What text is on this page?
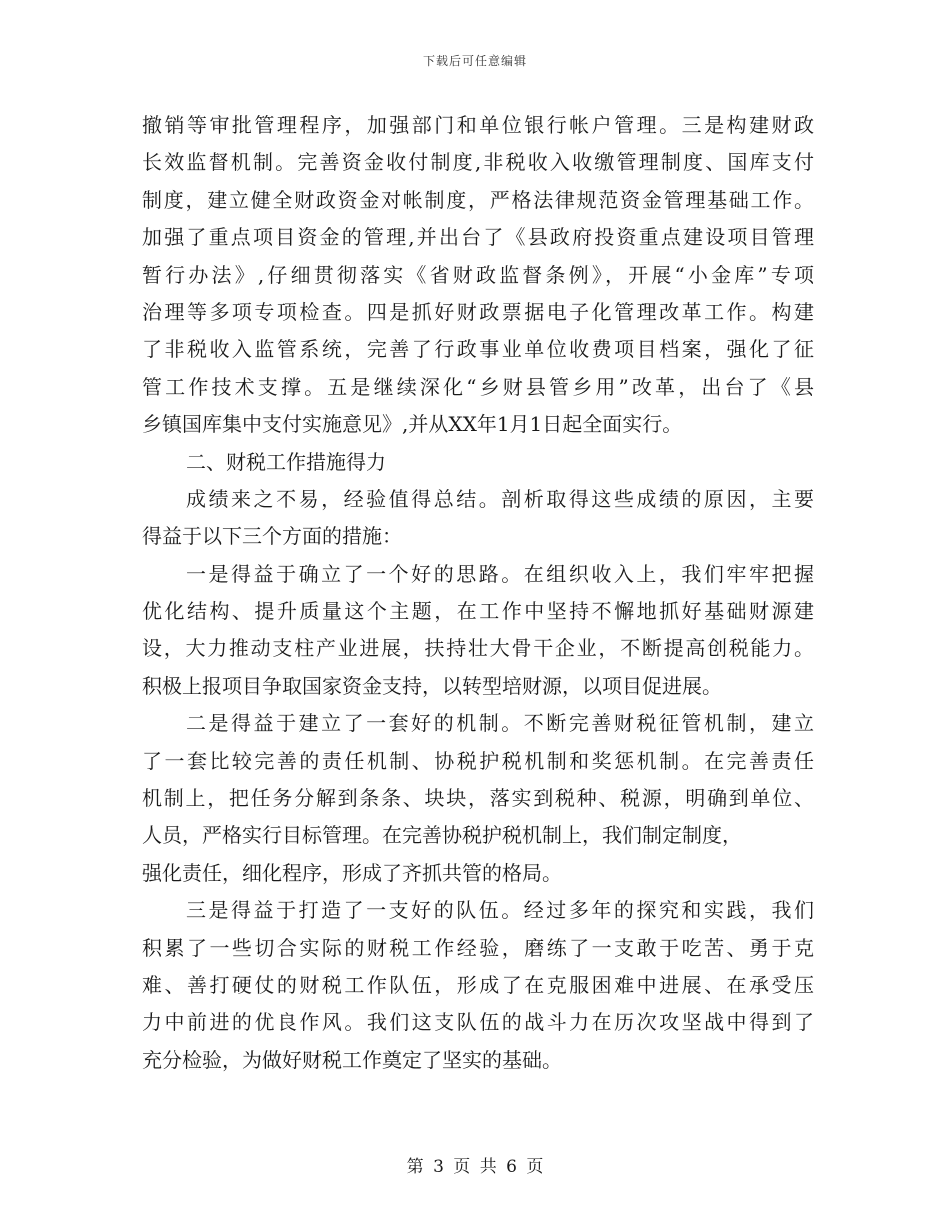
下载后可任意编辑
撤销等审批管理程序，加强部门和单位银行帐户管理。三是构建财政
长效监督机制。完善资金收付制度,非税收入收缴管理制度、国库支付
制度，建立健全财政资金对帐制度，严格法律规范资金管理基础工作。
加强了重点项目资金的管理,并出台了《县政府投资重点建设项目管理
暂行办法》,仔细贯彻落实《省财政监督条例》，开展“小金库”专项
治理等多项专项检查。四是抓好财政票据电子化管理改革工作。构建
了非税收入监管系统，完善了行政事业单位收费项目档案，强化了征
管工作技术支撑。五是继续深化“乡财县管乡用”改革，出台了《县
乡镇国库集中支付实施意见》,并从XX年1月1日起全面实行。
二、财税工作措施得力
成绩来之不易，经验值得总结。剖析取得这些成绩的原因，主要
得益于以下三个方面的措施：
一是得益于确立了一个好的思路。在组织收入上，我们牢牢把握
优化结构、提升质量这个主题，在工作中坚持不懈地抓好基础财源建
设，大力推动支柱产业进展，扶持壮大骨干企业，不断提高创税能力。
积极上报项目争取国家资金支持，以转型培财源，以项目促进展。
二是得益于建立了一套好的机制。不断完善财税征管机制，建立
了一套比较完善的责任机制、协税护税机制和奖惩机制。在完善责任
机制上，把任务分解到条条、块块，落实到税种、税源，明确到单位、
人员，严格实行目标管理。在完善协税护税机制上，我们制定制度，
强化责任，细化程序，形成了齐抓共管的格局。
三是得益于打造了一支好的队伍。经过多年的探究和实践，我们
积累了一些切合实际的财税工作经验，磨练了一支敢于吃苦、勇于克
难、善打硬仗的财税工作队伍，形成了在克服困难中进展、在承受压
力中前进的优良作风。我们这支队伍的战斗力在历次攻坚战中得到了
充分检验，为做好财税工作奠定了坚实的基础。
第 3 页 共 6 页
